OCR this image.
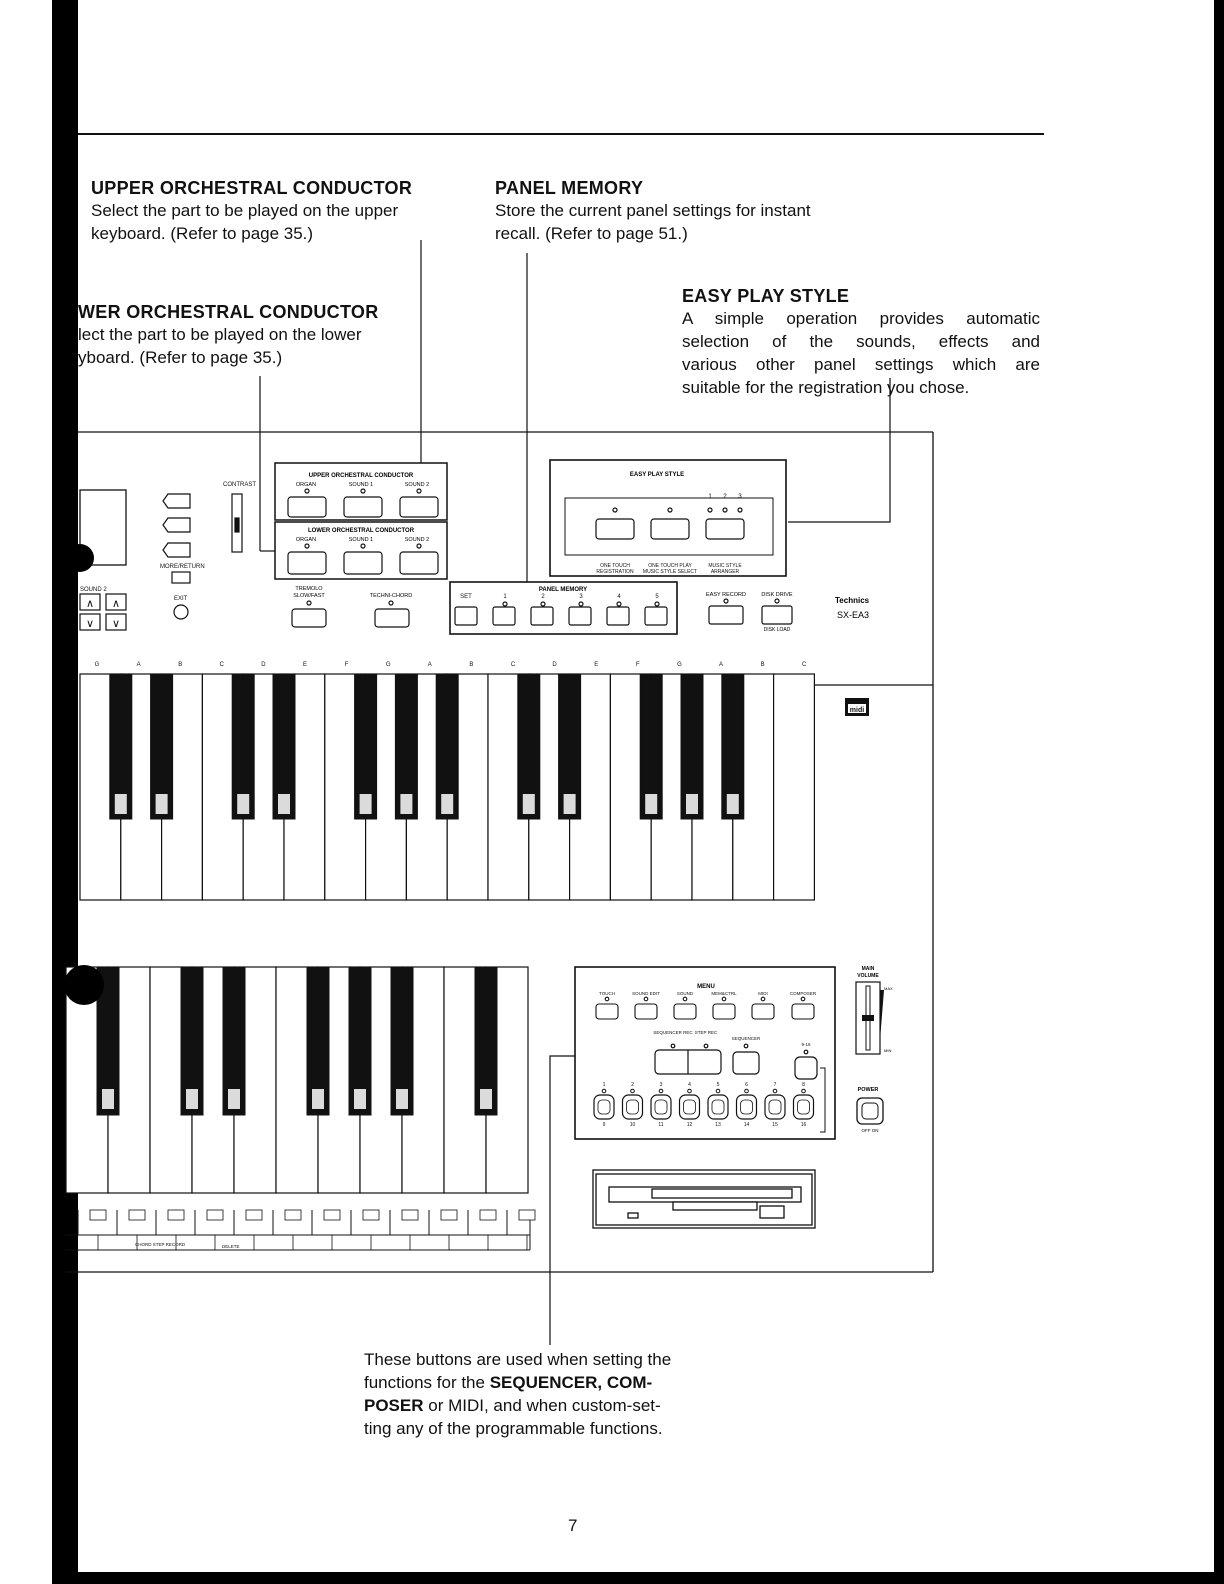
UPPER ORCHESTRAL CONDUCTOR
Select the part to be played on the upper
keyboard. (Refer to page 35.)
PANEL MEMORY
Store the current panel settings for instant
recall. (Refer to page 51.)
WER ORCHESTRAL CONDUCTOR
lect the part to be played on the lower
yboard. (Refer to page 35.)
EASY PLAY STYLE
A simple operation provides automatic
selection of the sounds, effects and
various other panel settings which are
suitable for the registration you chose.
These buttons are used when setting the
functions for the SEQUENCER, COM-
POSER or MIDI, and when custom-set-
ting any of the programmable functions.
7
CONTRAST
MORE/RETURN
SOUND 2
EXIT
∧ ∧
∨ ∨
UPPER ORCHESTRAL CONDUCTOR
ORGAN	SOUND 1	SOUND 2
LOWER ORCHESTRAL CONDUCTOR
ORGAN	SOUND 1	SOUND 2
TREMOLO
SLOW/FAST	TECHNI-CHORD
EASY PLAY STYLE
1 2 3
ONE TOUCH
REGISTRATION
ONE TOUCH PLAY
MUSIC STYLE SELECT
MUSIC STYLE
ARRANGER
PANEL MEMORY
SET	1	2	3	4	5	EASY RECORD	DISK DRIVE
DISK LOAD
Technics
SX-EA3
G	A	B	C	D	E	F	G	A	B	C	D	E	F	G	A	B	C
midi
CHORD STEP RECORD	DELETE
MENU
TOUCH	SOUND EDIT	SOUND	MEM&CTRL	MIDI	COMPOSER
SEQUENCER REC STEP REC
SEQUENCER
9-16
1
9
2
10
3
11
4
12
5
13
6
14
7
15
8
16
MAIN
VOLUME
MAX
MIN
POWER
OFF ON
